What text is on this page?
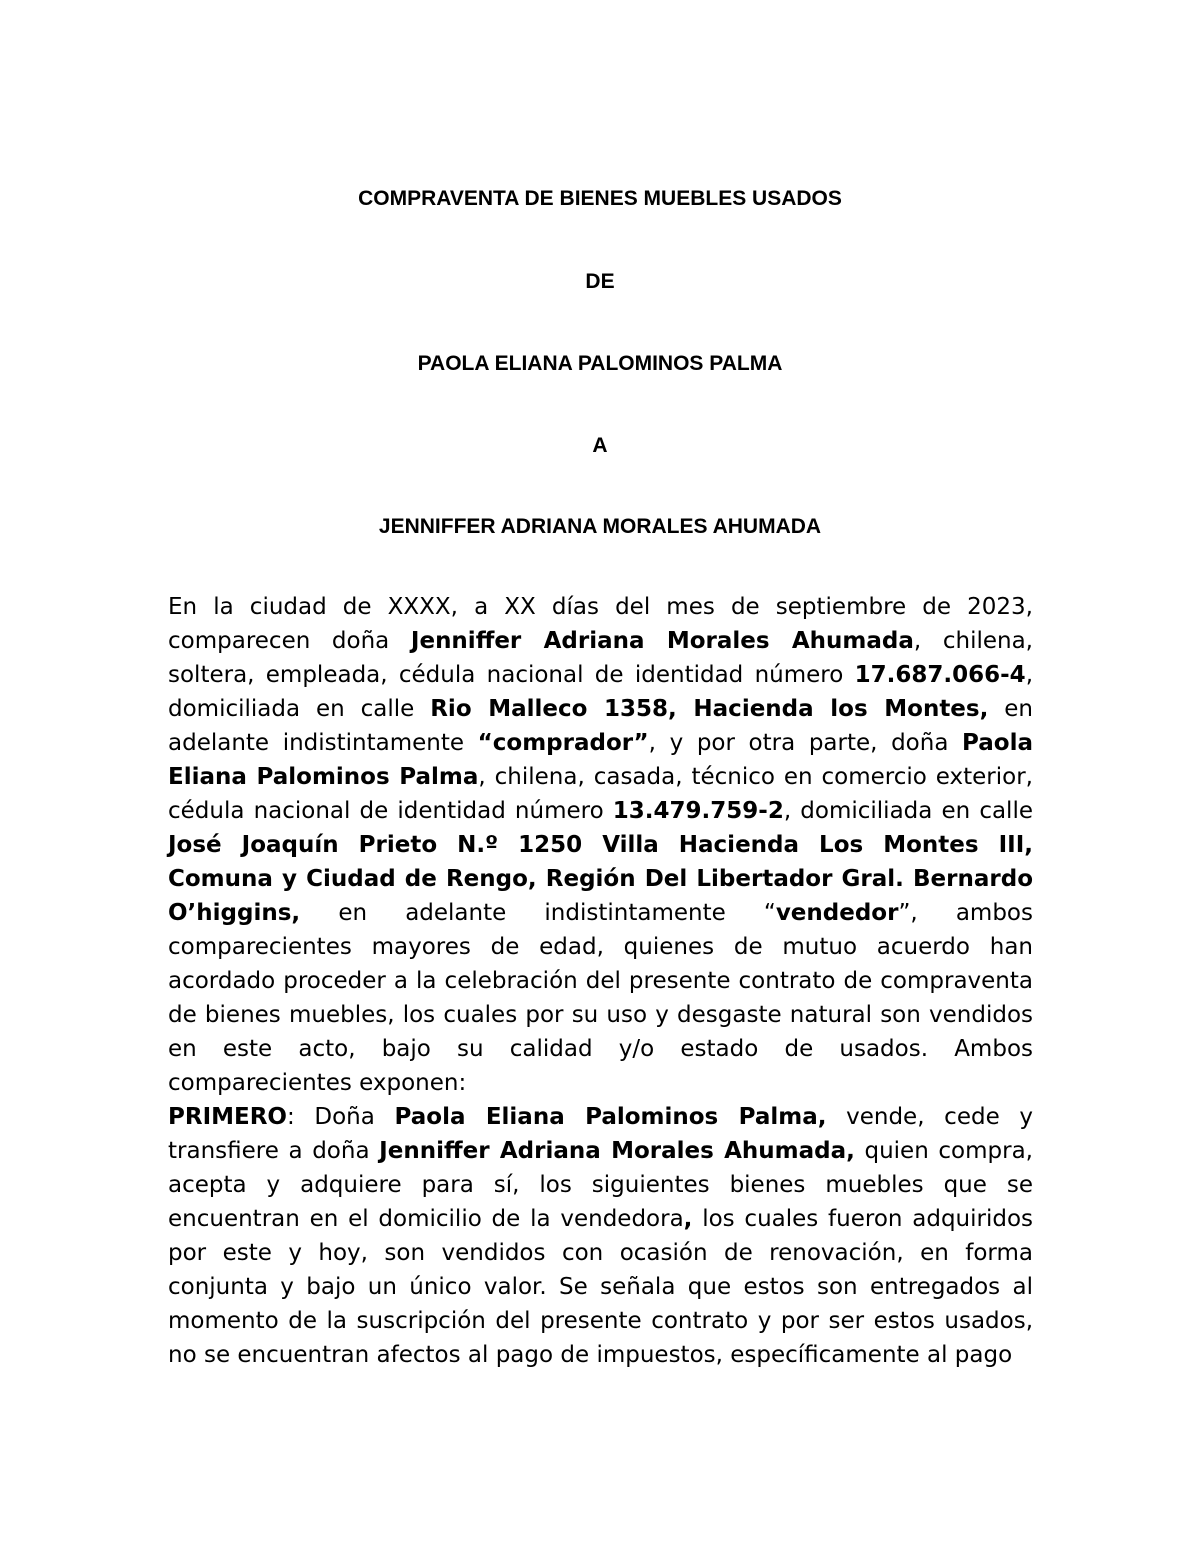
COMPRAVENTA DE BIENES MUEBLES USADOS
DE
PAOLA ELIANA PALOMINOS PALMA
A
JENNIFFER ADRIANA MORALES AHUMADA

En la ciudad de XXXX, a XX días del mes de septiembre de 2023, comparecen doña Jenniffer Adriana Morales Ahumada, chilena, soltera, empleada, cédula nacional de identidad número 17.687.066-4, domiciliada en calle Rio Malleco 1358, Hacienda los Montes, en adelante indistintamente “comprador”, y por otra parte, doña Paola Eliana Palominos Palma, chilena, casada, técnico en comercio exterior, cédula nacional de identidad número 13.479.759-2, domiciliada en calle José Joaquín Prieto N.º 1250 Villa Hacienda Los Montes III, Comuna y Ciudad de Rengo, Región Del Libertador Gral. Bernardo O’higgins, en adelante indistintamente “vendedor”, ambos comparecientes mayores de edad, quienes de mutuo acuerdo han acordado proceder a la celebración del presente contrato de compraventa de bienes muebles, los cuales por su uso y desgaste natural son vendidos en este acto, bajo su calidad y/o estado de usados. Ambos comparecientes exponen:

PRIMERO: Doña Paola Eliana Palominos Palma, vende, cede y transfiere a doña Jenniffer Adriana Morales Ahumada, quien compra, acepta y adquiere para sí, los siguientes bienes muebles que se encuentran en el domicilio de la vendedora, los cuales fueron adquiridos por este y hoy, son vendidos con ocasión de renovación, en forma conjunta y bajo un único valor. Se señala que estos son entregados al momento de la suscripción del presente contrato y por ser estos usados, no se encuentran afectos al pago de impuestos, específicamente al pago
